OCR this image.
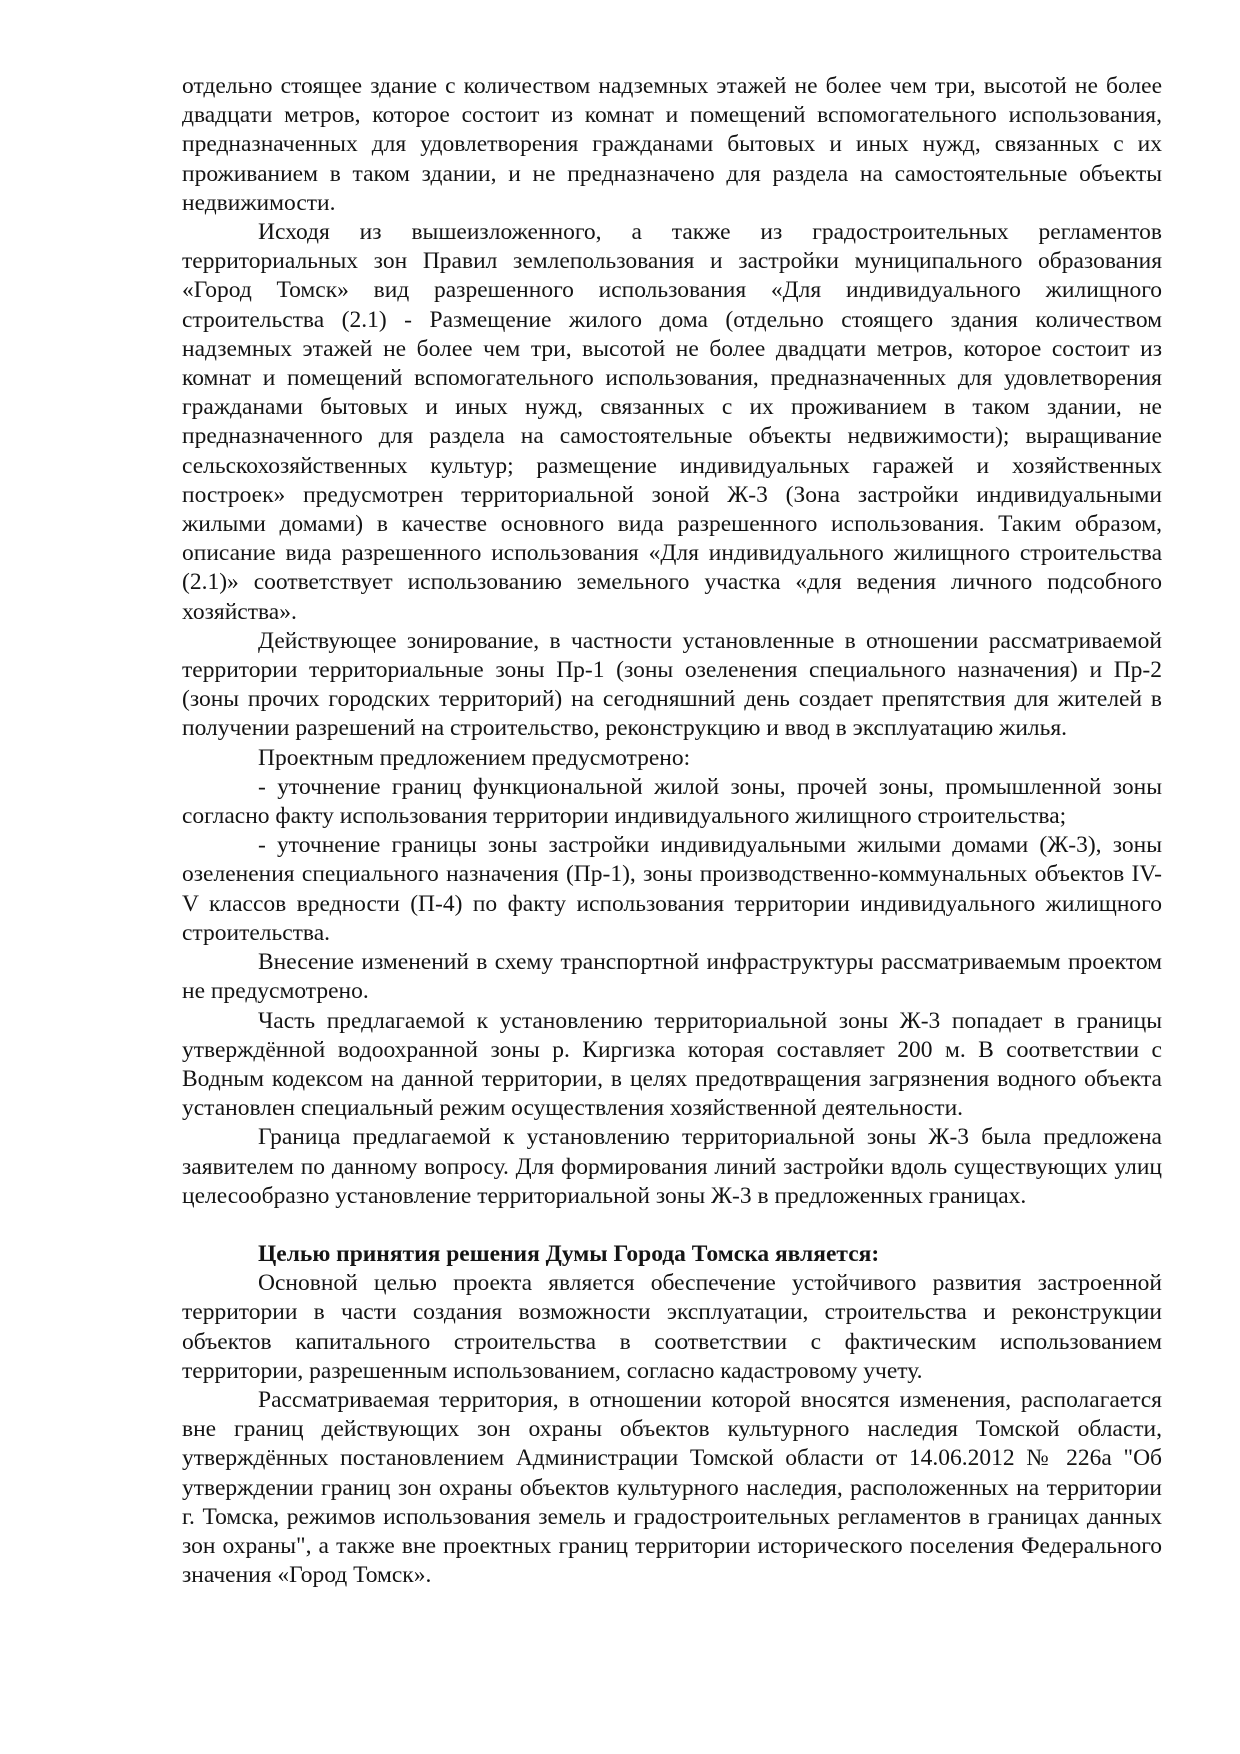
отдельно стоящее здание с количеством надземных этажей не более чем три, высотой не более двадцати метров, которое состоит из комнат и помещений вспомогательного использования, предназначенных для удовлетворения гражданами бытовых и иных нужд, связанных с их проживанием в таком здании, и не предназначено для раздела на самостоятельные объекты недвижимости.

Исходя из вышеизложенного, а также из градостроительных регламентов территориальных зон Правил землепользования и застройки муниципального образования «Город Томск» вид разрешенного использования «Для индивидуального жилищного строительства (2.1) - Размещение жилого дома (отдельно стоящего здания количеством надземных этажей не более чем три, высотой не более двадцати метров, которое состоит из комнат и помещений вспомогательного использования, предназначенных для удовлетворения гражданами бытовых и иных нужд, связанных с их проживанием в таком здании, не предназначенного для раздела на самостоятельные объекты недвижимости); выращивание сельскохозяйственных культур; размещение индивидуальных гаражей и хозяйственных построек» предусмотрен территориальной зоной Ж-3 (Зона застройки индивидуальными жилыми домами) в качестве основного вида разрешенного использования. Таким образом, описание вида разрешенного использования «Для индивидуального жилищного строительства (2.1)» соответствует использованию земельного участка «для ведения личного подсобного хозяйства».

Действующее зонирование, в частности установленные в отношении рассматриваемой территории территориальные зоны Пр-1 (зоны озеленения специального назначения) и Пр-2 (зоны прочих городских территорий) на сегодняшний день создает препятствия для жителей в получении разрешений на строительство, реконструкцию и ввод в эксплуатацию жилья.

Проектным предложением предусмотрено:

- уточнение границ функциональной жилой зоны, прочей зоны, промышленной зоны согласно факту использования территории индивидуального жилищного строительства;

- уточнение границы зоны застройки индивидуальными жилыми домами (Ж-3), зоны озеленения специального назначения (Пр-1), зоны производственно-коммунальных объектов IV-V классов вредности (П-4) по факту использования территории индивидуального жилищного строительства.

Внесение изменений в схему транспортной инфраструктуры рассматриваемым проектом не предусмотрено.

Часть предлагаемой к установлению территориальной зоны Ж-3 попадает в границы утверждённой водоохранной зоны р. Киргизка которая составляет 200 м. В соответствии с Водным кодексом на данной территории, в целях предотвращения загрязнения водного объекта установлен специальный режим осуществления хозяйственной деятельности.

Граница предлагаемой к установлению территориальной зоны Ж-3 была предложена заявителем по данному вопросу. Для формирования линий застройки вдоль существующих улиц целесообразно установление территориальной зоны Ж-3 в предложенных границах.

Целью принятия решения Думы Города Томска является:

Основной целью проекта является обеспечение устойчивого развития застроенной территории в части создания возможности эксплуатации, строительства и реконструкции объектов капитального строительства в соответствии с фактическим использованием территории, разрешенным использованием, согласно кадастровому учету.

Рассматриваемая территория, в отношении которой вносятся изменения, располагается вне границ действующих зон охраны объектов культурного наследия Томской области, утверждённых постановлением Администрации Томской области от 14.06.2012 № 226а "Об утверждении границ зон охраны объектов культурного наследия, расположенных на территории г. Томска, режимов использования земель и градостроительных регламентов в границах данных зон охраны", а также вне проектных границ территории исторического поселения Федерального значения «Город Томск».
